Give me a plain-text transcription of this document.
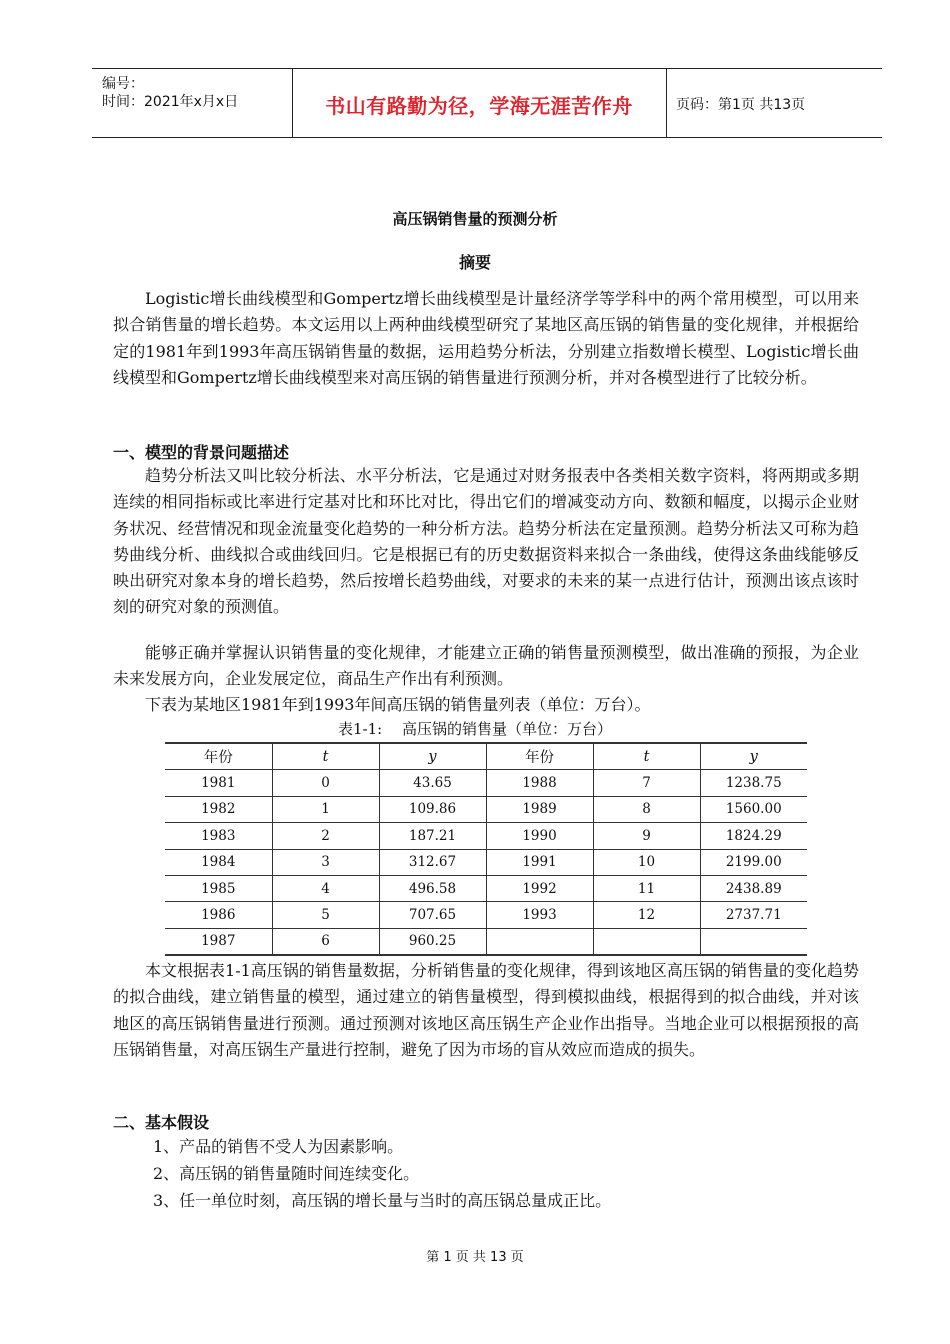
编号：
时间：2021年x月x日	书山有路勤为径，学海无涯苦作舟	页码：第1页 共13页
高压锅销售量的预测分析
摘要

Logistic增长曲线模型和Gompertz增长曲线模型是计量经济学等学科中的两个常用模型，可以用来拟合销售量的增长趋势。本文运用以上两种曲线模型研究了某地区高压锅的销售量的变化规律，并根据给定的1981年到1993年高压锅销售量的数据，运用趋势分析法，分别建立指数增长模型、Logistic增长曲线模型和Gompertz增长曲线模型来对高压锅的销售量进行预测分析，并对各模型进行了比较分析。

一、模型的背景问题描述

趋势分析法又叫比较分析法、水平分析法，它是通过对财务报表中各类相关数字资料，将两期或多期连续的相同指标或比率进行定基对比和环比对比，得出它们的增减变动方向、数额和幅度，以揭示企业财务状况、经营情况和现金流量变化趋势的一种分析方法。趋势分析法在定量预测。趋势分析法又可称为趋势曲线分析、曲线拟合或曲线回归。它是根据已有的历史数据资料来拟合一条曲线，使得这条曲线能够反映出研究对象本身的增长趋势，然后按增长趋势曲线，对要求的未来的某一点进行估计，预测出该点该时刻的研究对象的预测值。

能够正确并掌握认识销售量的变化规律，才能建立正确的销售量预测模型，做出准确的预报，为企业未来发展方向，企业发展定位，商品生产作出有利预测。

下表为某地区1981年到1993年间高压锅的销售量列表（单位：万台）。

表1-1:　 高压锅的销售量（单位：万台）
年份	t	y	年份	t	y
1981	0	43.65	1988	7	1238.75
1982	1	109.86	1989	8	1560.00
1983	2	187.21	1990	9	1824.29
1984	3	312.67	1991	10	2199.00
1985	4	496.58	1992	11	2438.89
1986	5	707.65	1993	12	2737.71
1987	6	960.25			

本文根据表1-1高压锅的销售量数据，分析销售量的变化规律，得到该地区高压锅的销售量的变化趋势的拟合曲线，建立销售量的模型，通过建立的销售量模型，得到模拟曲线，根据得到的拟合曲线，并对该地区的高压锅销售量进行预测。通过预测对该地区高压锅生产企业作出指导。当地企业可以根据预报的高压锅销售量，对高压锅生产量进行控制，避免了因为市场的盲从效应而造成的损失。

二、基本假设
1、产品的销售不受人为因素影响。
2、高压锅的销售量随时间连续变化。
3、任一单位时刻，高压锅的增长量与当时的高压锅总量成正比。
第 1 页 共 13 页
